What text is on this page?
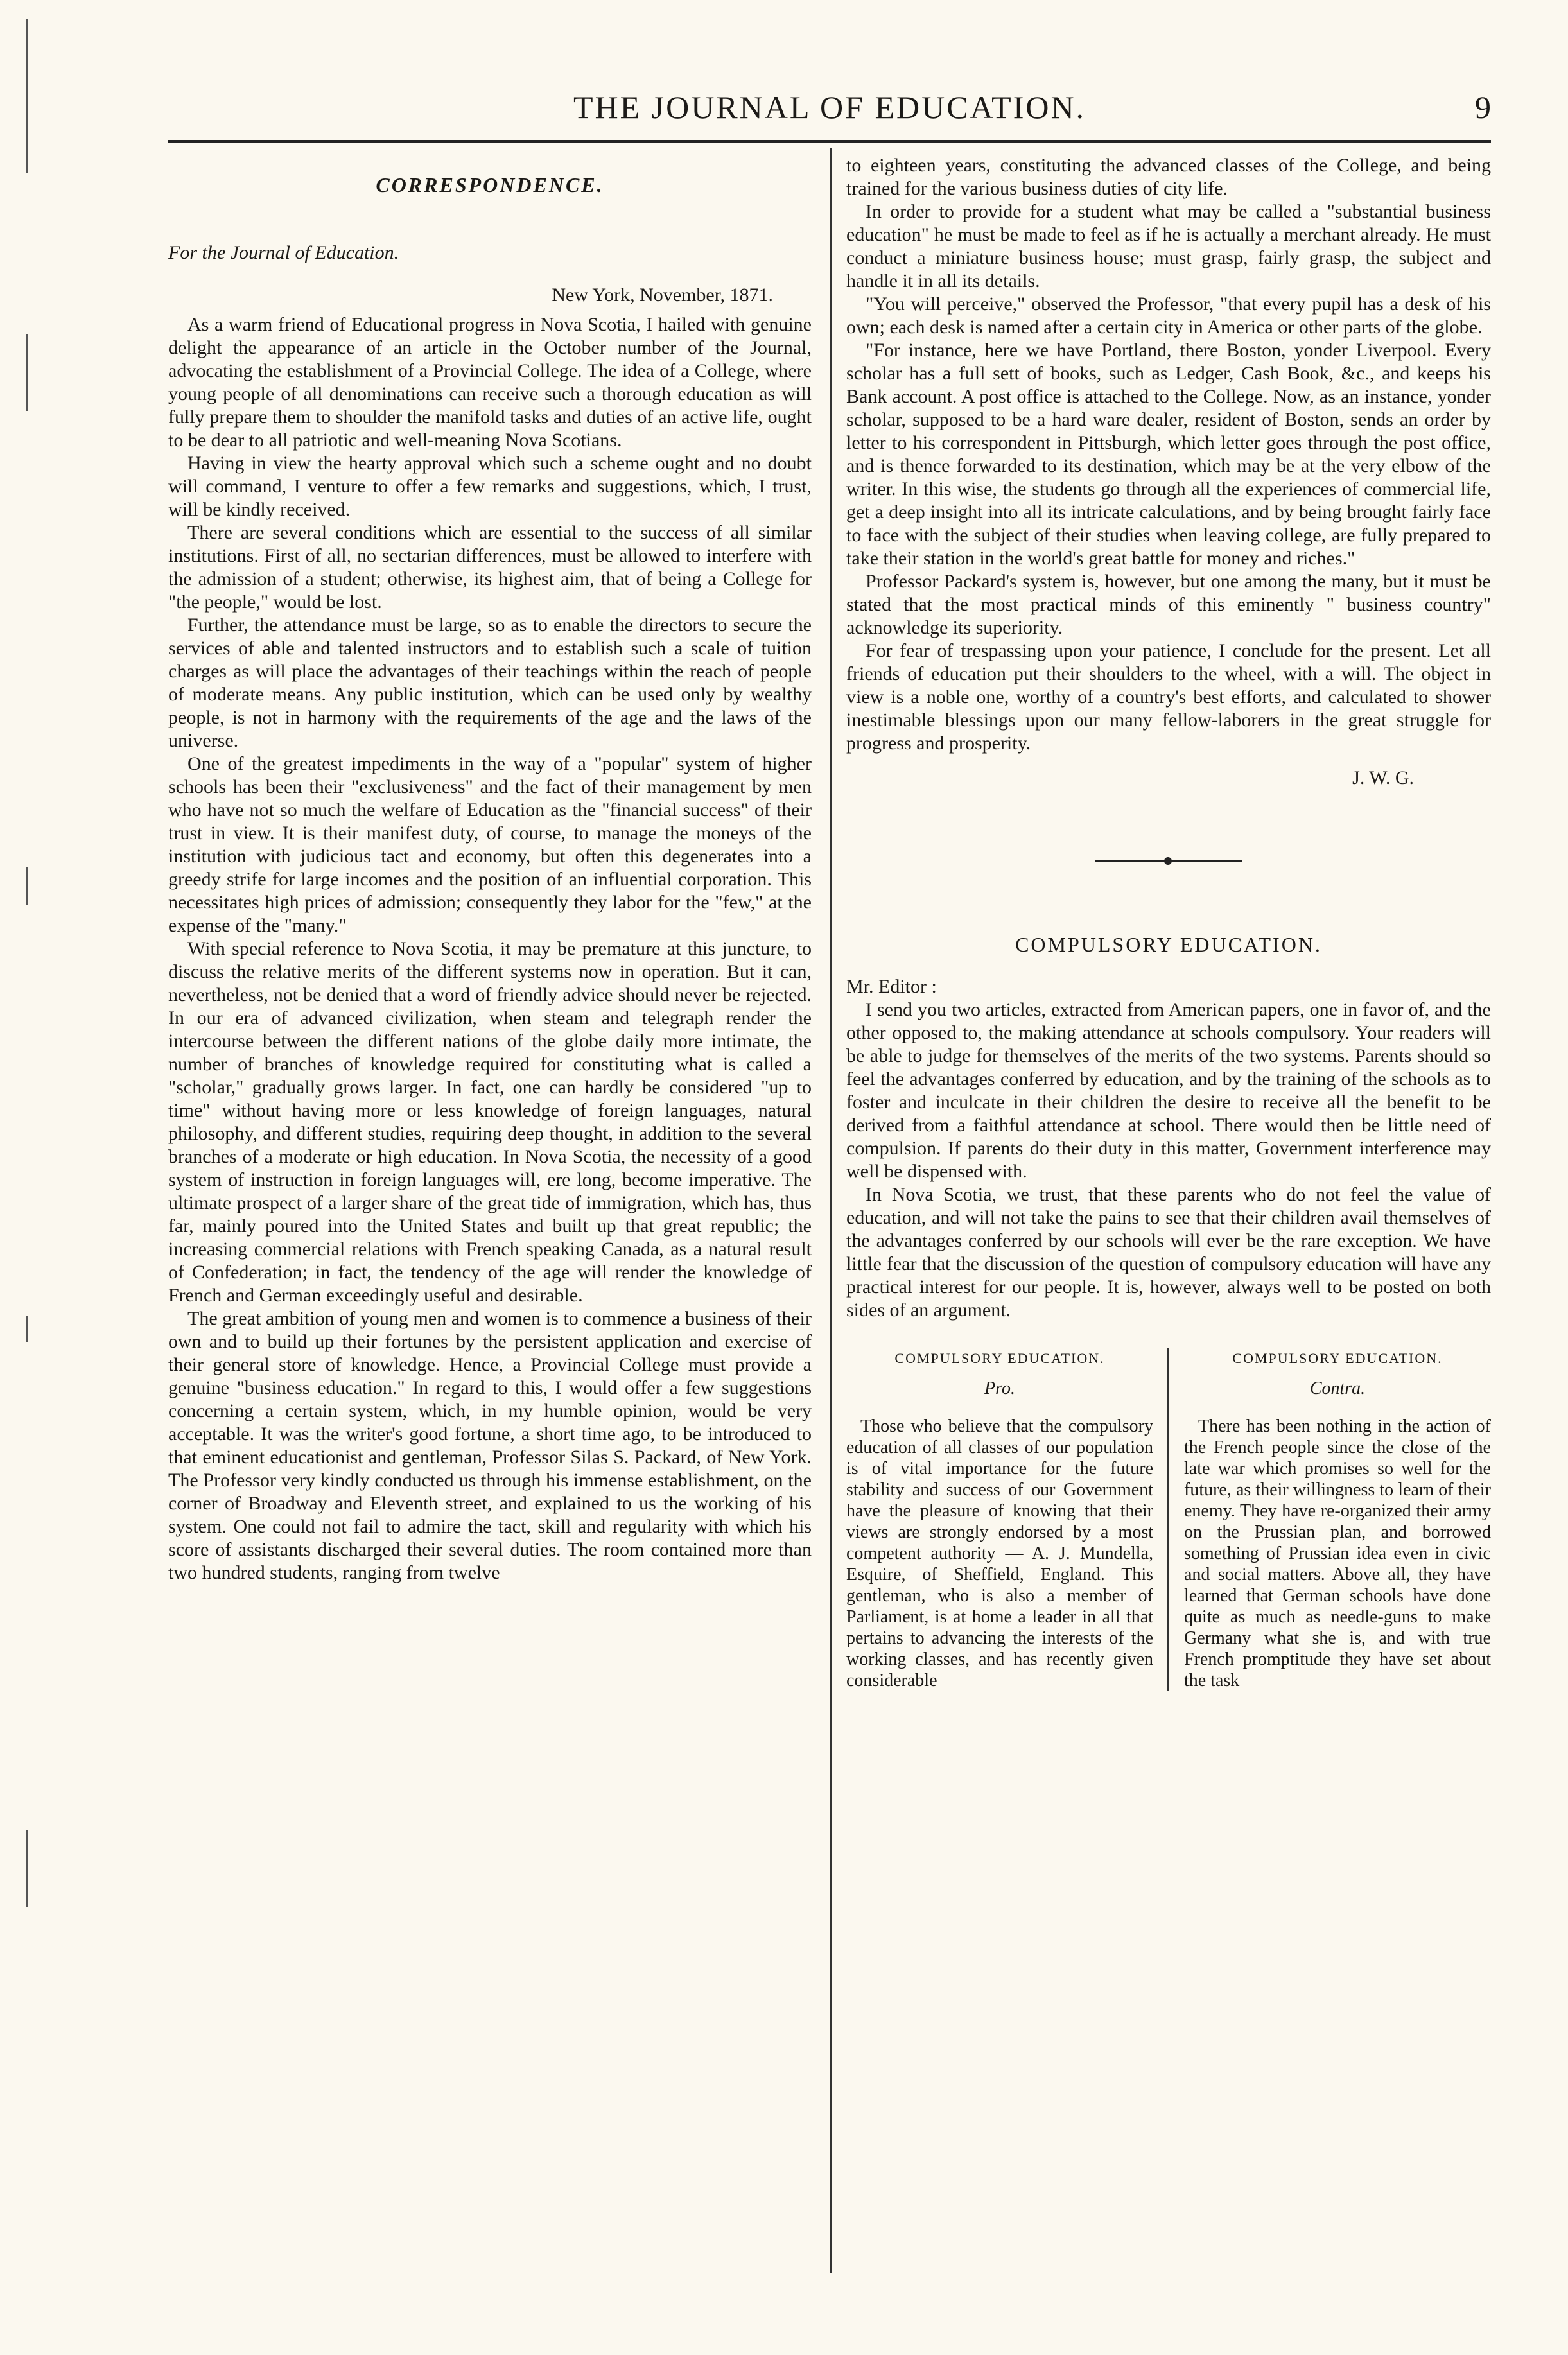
THE JOURNAL OF EDUCATION.	9
CORRESPONDENCE.

For the Journal of Education.

New York, November, 1871.

As a warm friend of Educational progress in Nova Scotia, I hailed with genuine delight the appearance of an article in the October number of the Journal, advocating the establishment of a Provincial College. The idea of a College, where young people of all denominations can receive such a thorough education as will fully prepare them to shoulder the manifold tasks and duties of an active life, ought to be dear to all patriotic and well-meaning Nova Scotians.

Having in view the hearty approval which such a scheme ought and no doubt will command, I venture to offer a few remarks and suggestions, which, I trust, will be kindly received.

There are several conditions which are essential to the success of all similar institutions. First of all, no sectarian differences, must be allowed to interfere with the admission of a student; otherwise, its highest aim, that of being a College for "the people," would be lost.

Further, the attendance must be large, so as to enable the directors to secure the services of able and talented instructors and to establish such a scale of tuition charges as will place the advantages of their teachings within the reach of people of moderate means. Any public institution, which can be used only by wealthy people, is not in harmony with the requirements of the age and the laws of the universe.

One of the greatest impediments in the way of a "popular" system of higher schools has been their "exclusiveness" and the fact of their management by men who have not so much the welfare of Education as the "financial success" of their trust in view. It is their manifest duty, of course, to manage the moneys of the institution with judicious tact and economy, but often this degenerates into a greedy strife for large incomes and the position of an influential corporation. This necessitates high prices of admission; consequently they labor for the "few," at the expense of the "many."

With special reference to Nova Scotia, it may be premature at this juncture, to discuss the relative merits of the different systems now in operation. But it can, nevertheless, not be denied that a word of friendly advice should never be rejected. In our era of advanced civilization, when steam and telegraph render the intercourse between the different nations of the globe daily more intimate, the number of branches of knowledge required for constituting what is called a "scholar," gradually grows larger. In fact, one can hardly be considered "up to time" without having more or less knowledge of foreign languages, natural philosophy, and different studies, requiring deep thought, in addition to the several branches of a moderate or high education. In Nova Scotia, the necessity of a good system of instruction in foreign languages will, ere long, become imperative. The ultimate prospect of a larger share of the great tide of immigration, which has, thus far, mainly poured into the United States and built up that great republic; the increasing commercial relations with French speaking Canada, as a natural result of Confederation; in fact, the tendency of the age will render the knowledge of French and German exceedingly useful and desirable.

The great ambition of young men and women is to commence a business of their own and to build up their fortunes by the persistent application and exercise of their general store of knowledge. Hence, a Provincial College must provide a genuine "business education." In regard to this, I would offer a few suggestions concerning a certain system, which, in my humble opinion, would be very acceptable. It was the writer's good fortune, a short time ago, to be introduced to that eminent educationist and gentleman, Professor Silas S. Packard, of New York. The Professor very kindly conducted us through his immense establishment, on the corner of Broadway and Eleventh street, and explained to us the working of his system. One could not fail to admire the tact, skill and regularity with which his score of assistants discharged their several duties. The room contained more than two hundred students, ranging from twelve

to eighteen years, constituting the advanced classes of the College, and being trained for the various business duties of city life.

In order to provide for a student what may be called a "substantial business education" he must be made to feel as if he is actually a merchant already. He must conduct a miniature business house; must grasp, fairly grasp, the subject and handle it in all its details.

"You will perceive," observed the Professor, "that every pupil has a desk of his own; each desk is named after a certain city in America or other parts of the globe.

"For instance, here we have Portland, there Boston, yonder Liverpool. Every scholar has a full sett of books, such as Ledger, Cash Book, &c., and keeps his Bank account. A post office is attached to the College. Now, as an instance, yonder scholar, supposed to be a hard ware dealer, resident of Boston, sends an order by letter to his correspondent in Pittsburgh, which letter goes through the post office, and is thence forwarded to its destination, which may be at the very elbow of the writer. In this wise, the students go through all the experiences of commercial life, get a deep insight into all its intricate calculations, and by being brought fairly face to face with the subject of their studies when leaving college, are fully prepared to take their station in the world's great battle for money and riches."

Professor Packard's system is, however, but one among the many, but it must be stated that the most practical minds of this eminently " business country" acknowledge its superiority.

For fear of trespassing upon your patience, I conclude for the present. Let all friends of education put their shoulders to the wheel, with a will. The object in view is a noble one, worthy of a country's best efforts, and calculated to shower inestimable blessings upon our many fellow-laborers in the great struggle for progress and prosperity.

J. W. G.

COMPULSORY EDUCATION.

Mr. Editor :

I send you two articles, extracted from American papers, one in favor of, and the other opposed to, the making attendance at schools compulsory. Your readers will be able to judge for themselves of the merits of the two systems. Parents should so feel the advantages conferred by education, and by the training of the schools as to foster and inculcate in their children the desire to receive all the benefit to be derived from a faithful attendance at school. There would then be little need of compulsion. If parents do their duty in this matter, Government interference may well be dispensed with.

In Nova Scotia, we trust, that these parents who do not feel the value of education, and will not take the pains to see that their children avail themselves of the advantages conferred by our schools will ever be the rare exception. We have little fear that the discussion of the question of compulsory education will have any practical interest for our people. It is, however, always well to be posted on both sides of an argument.

COMPULSORY EDUCATION.
Pro.

Those who believe that the compulsory education of all classes of our population is of vital importance for the future stability and success of our Government have the pleasure of knowing that their views are strongly endorsed by a most competent authority — A. J. Mundella, Esquire, of Sheffield, England. This gentleman, who is also a member of Parliament, is at home a leader in all that pertains to advancing the interests of the working classes, and has recently given considerable

COMPULSORY EDUCATION.
Contra.

There has been nothing in the action of the French people since the close of the late war which promises so well for the future, as their willingness to learn of their enemy. They have re-organized their army on the Prussian plan, and borrowed something of Prussian idea even in civic and social matters. Above all, they have learned that German schools have done quite as much as needle-guns to make Germany what she is, and with true French promptitude they have set about the task
